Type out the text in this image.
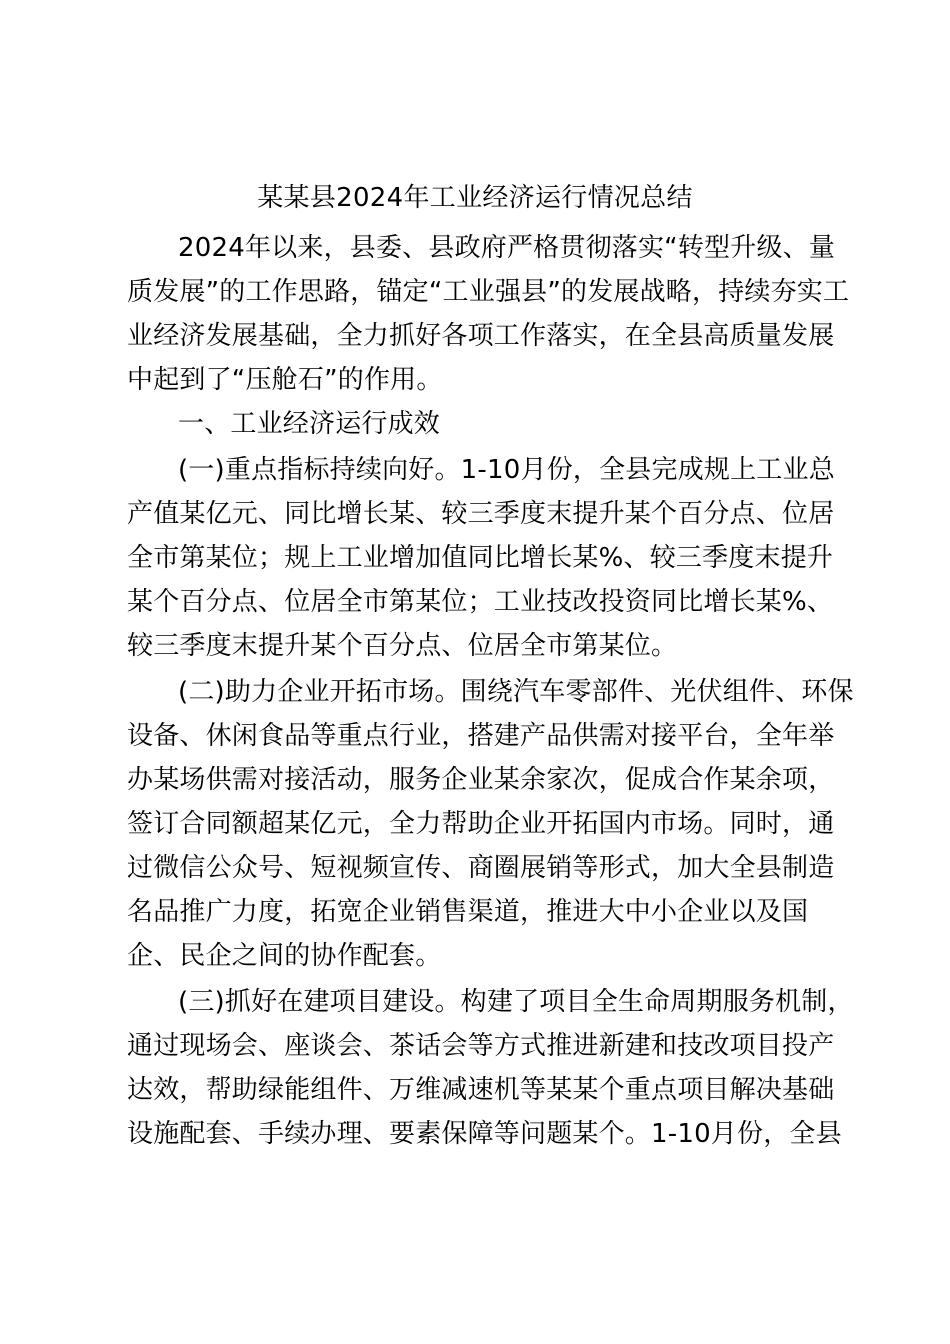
某某县2024年工业经济运行情况总结
2024年以来，县委、县政府严格贯彻落实“转型升级、量
质发展”的工作思路，锚定“工业强县”的发展战略，持续夯实工
业经济发展基础，全力抓好各项工作落实，在全县高质量发展
中起到了“压舱石”的作用。
一、工业经济运行成效
(一)重点指标持续向好。1-10月份，全县完成规上工业总
产值某亿元、同比增长某、较三季度末提升某个百分点、位居
全市第某位；规上工业增加值同比增长某%、较三季度末提升
某个百分点、位居全市第某位；工业技改投资同比增长某%、
较三季度末提升某个百分点、位居全市第某位。
(二)助力企业开拓市场。围绕汽车零部件、光伏组件、环保
设备、休闲食品等重点行业，搭建产品供需对接平台，全年举
办某场供需对接活动，服务企业某余家次，促成合作某余项，
签订合同额超某亿元，全力帮助企业开拓国内市场。同时，通
过微信公众号、短视频宣传、商圈展销等形式，加大全县制造
名品推广力度，拓宽企业销售渠道，推进大中小企业以及国
企、民企之间的协作配套。
(三)抓好在建项目建设。构建了项目全生命周期服务机制，
通过现场会、座谈会、茶话会等方式推进新建和技改项目投产
达效，帮助绿能组件、万维减速机等某某个重点项目解决基础
设施配套、手续办理、要素保障等问题某个。1-10月份，全县
